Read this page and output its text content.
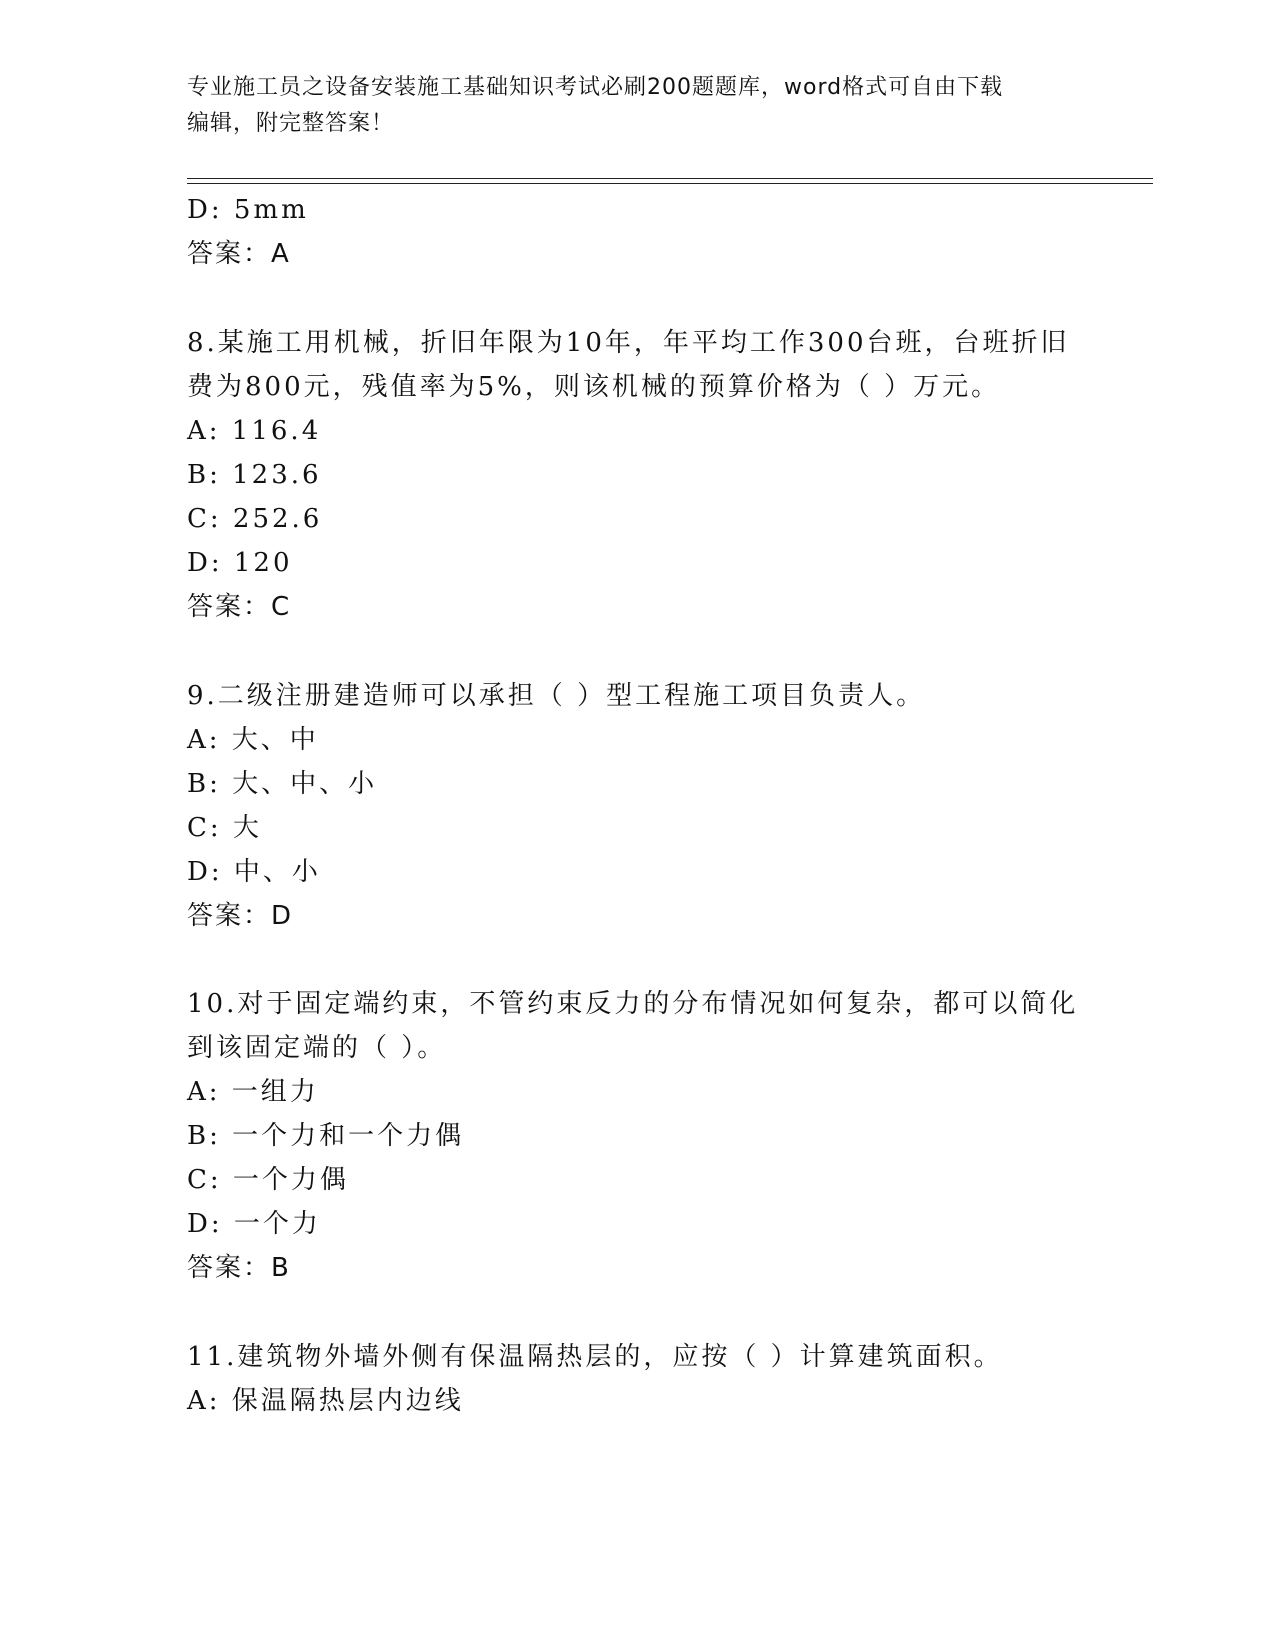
专业施工员之设备安装施工基础知识考试必刷200题题库，word格式可自由下载
编辑，附完整答案！
D: 5mm
答案：A
8.某施工用机械，折旧年限为10年，年平均工作300台班，台班折旧
费为800元，残值率为5%，则该机械的预算价格为（ ）万元。
A: 116.4
B: 123.6
C: 252.6
D: 120
答案：C
9.二级注册建造师可以承担（ ）型工程施工项目负责人。
A: 大、中
B: 大、中、小
C: 大
D: 中、小
答案：D
10.对于固定端约束，不管约束反力的分布情况如何复杂，都可以简化
到该固定端的（ ）。
A: 一组力
B: 一个力和一个力偶
C: 一个力偶
D: 一个力
答案：B
11.建筑物外墙外侧有保温隔热层的，应按（ ）计算建筑面积。
A: 保温隔热层内边线
